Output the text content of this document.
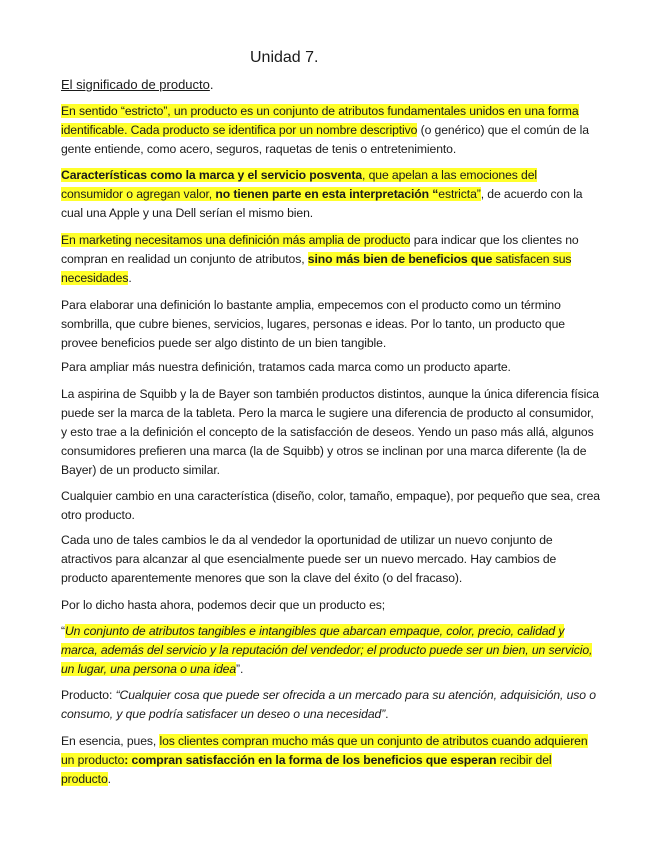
Unidad 7.
El significado de producto.
En sentido “estricto”, un producto es un conjunto de atributos fundamentales unidos en una forma identificable. Cada producto se identifica por un nombre descriptivo (o genérico) que el común de la gente entiende, como acero, seguros, raquetas de tenis o entretenimiento.
Características como la marca y el servicio posventa, que apelan a las emociones del consumidor o agregan valor, no tienen parte en esta interpretación “estricta”, de acuerdo con la cual una Apple y una Dell serían el mismo bien.
En marketing necesitamos una definición más amplia de producto para indicar que los clientes no compran en realidad un conjunto de atributos, sino más bien de beneficios que satisfacen sus necesidades.
Para elaborar una definición lo bastante amplia, empecemos con el producto como un término sombrilla, que cubre bienes, servicios, lugares, personas e ideas. Por lo tanto, un producto que provee beneficios puede ser algo distinto de un bien tangible.
Para ampliar más nuestra definición, tratamos cada marca como un producto aparte.
La aspirina de Squibb y la de Bayer son también productos distintos, aunque la única diferencia física puede ser la marca de la tableta. Pero la marca le sugiere una diferencia de producto al consumidor, y esto trae a la definición el concepto de la satisfacción de deseos. Yendo un paso más allá, algunos consumidores prefieren una marca (la de Squibb) y otros se inclinan por una marca diferente (la de Bayer) de un producto similar.
Cualquier cambio en una característica (diseño, color, tamaño, empaque), por pequeño que sea, crea otro producto.
Cada uno de tales cambios le da al vendedor la oportunidad de utilizar un nuevo conjunto de atractivos para alcanzar al que esencialmente puede ser un nuevo mercado. Hay cambios de producto aparentemente menores que son la clave del éxito (o del fracaso).
Por lo dicho hasta ahora, podemos decir que un producto es;
“Un conjunto de atributos tangibles e intangibles que abarcan empaque, color, precio, calidad y marca, además del servicio y la reputación del vendedor; el producto puede ser un bien, un servicio, un lugar, una persona o una idea”.
Producto: “Cualquier cosa que puede ser ofrecida a un mercado para su atención, adquisición, uso o consumo, y que podría satisfacer un deseo o una necesidad”.
En esencia, pues, los clientes compran mucho más que un conjunto de atributos cuando adquieren un producto: compran satisfacción en la forma de los beneficios que esperan recibir del producto.
